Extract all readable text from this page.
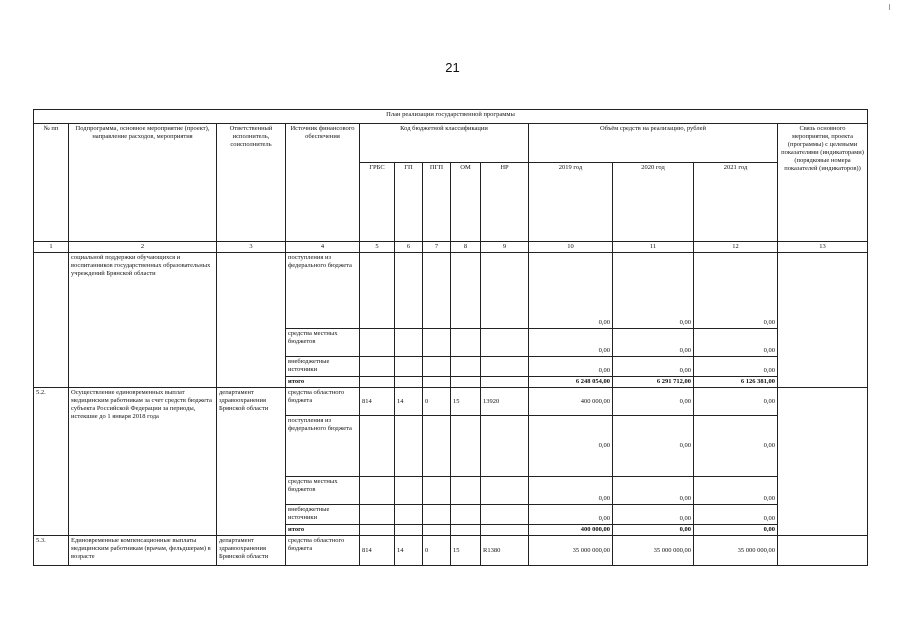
21
План реализации государственной программы												
№ пп	Подпрограмма, основное мероприятие (проект), направление расходов, мероприятия	Ответственный исполнитель, соисполнитель	Источник финансового обеспечения	Код бюджетной классификации					Объём средств на реализацию, рублей			Связь основного мероприятия, проекта (программы) с целевыми показателями (индикаторами) (порядковые номера показателей (индикаторов))
				ГРБС	ГП	ПГП	ОМ	НР	2019 год	2020 год	2021 год	
1	2	3	4	5	6	7	8	9	10	11	12	13
	социальной поддержки обучающихся и воспитанников государственных образовательных учреждений Брянской области		поступления из федерального бюджета						0,00	0,00	0,00	
			средства местных бюджетов						0,00	0,00	0,00	
			внебюджетные источники						0,00	0,00	0,00	
			итого						6 248 054,00	6 291 712,00	6 126 381,00	
5.2.	Осуществление единовременных выплат медицинским работникам за счет средств бюджета субъекта Российской Федерации за периоды, истекшие до 1 января 2018 года	департамент здравоохранения Брянской области	средства областного бюджета	814	14	0	15	13920	400 000,00	0,00	0,00	
			поступления из федерального бюджета						0,00	0,00	0,00	
			средства местных бюджетов						0,00	0,00	0,00	
			внебюджетные источники						0,00	0,00	0,00	
			итого						400 000,00	0,00	0,00	
5.3.	Единовременные компенсационные выплаты медицинским работникам (врачам, фельдшерам) в возрасте	департамент здравоохранения Брянской области	средства областного бюджета	814	14	0	15	R1380	35 000 000,00	35 000 000,00	35 000 000,00	
